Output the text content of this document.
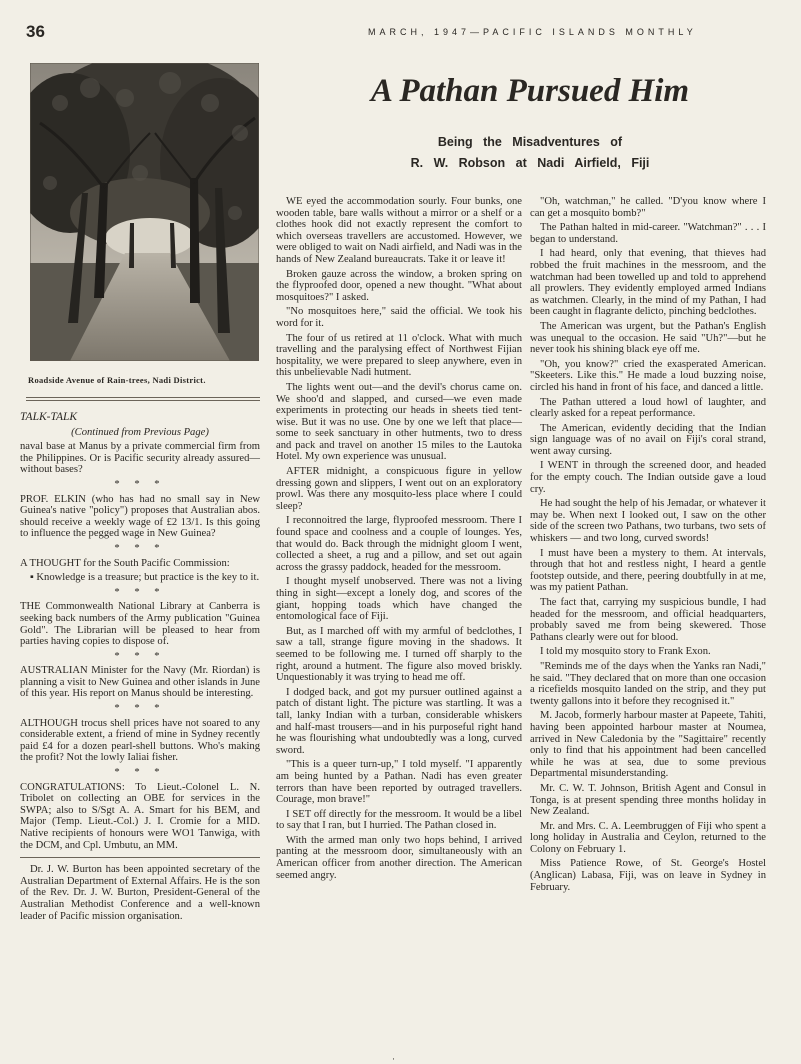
36	MARCH, 1947—PACIFIC ISLANDS MONTHLY
Roadside Avenue of Rain-trees, Nadi District.
A Pathan Pursued Him
Being the Misadventures of
R. W. Robson at Nadi Airfield, Fiji
TALK-TALK
(Continued from Previous Page)

naval base at Manus by a private commercial firm from the Philippines. Or is Pacific security already assured—without bases?

* * *

PROF. ELKIN (who has had no small say in New Guinea's native "policy") proposes that Australian abos. should receive a weekly wage of £2 13/1. Is this going to influence the pegged wage in New Guinea?

* * *

A THOUGHT for the South Pacific Commission:

▪ Knowledge is a treasure; but practice is the key to it.

* * *

THE Commonwealth National Library at Canberra is seeking back numbers of the Army publication "Guinea Gold". The Librarian will be pleased to hear from parties having copies to dispose of.

* * *

AUSTRALIAN Minister for the Navy (Mr. Riordan) is planning a visit to New Guinea and other islands in June of this year. His report on Manus should be interesting.

* * *

ALTHOUGH trocus shell prices have not soared to any considerable extent, a friend of mine in Sydney recently paid £4 for a dozen pearl-shell buttons. Who's making the profit? Not the lowly Ialiai fisher.

* * *

CONGRATULATIONS: To Lieut.-Colonel L. N. Tribolet on collecting an OBE for services in the SWPA; also to S/Sgt A. A. Smart for his BEM, and Major (Temp. Lieut.-Col.) J. I. Cromie for a MID. Native recipients of honours were WO1 Tanwiga, with the DCM, and Cpl. Umbutu, an MM.

Dr. J. W. Burton has been appointed secretary of the Australian Department of External Affairs. He is the son of the Rev. Dr. J. W. Burton, President-General of the Australian Methodist Conference and a well-known leader of Pacific mission organisation.

WE eyed the accommodation sourly. Four bunks, one wooden table, bare walls without a mirror or a shelf or a clothes hook did not exactly represent the comfort to which overseas travellers are accustomed. However, we were obliged to wait on Nadi airfield, and Nadi was in the hands of New Zealand bureaucrats. Take it or leave it!

Broken gauze across the window, a broken spring on the flyproofed door, opened a new thought. "What about mosquitoes?" I asked.

"No mosquitoes here," said the official. We took his word for it.

The four of us retired at 11 o'clock. What with much travelling and the paralysing effect of Northwest Fijian hospitality, we were prepared to sleep anywhere, even in this unbelievable Nadi hutment.

The lights went out—and the devil's chorus came on. We shoo'd and slapped, and cursed—we even made experiments in protecting our heads in sheets tied tent-wise. But it was no use. One by one we left that place—some to seek sanctuary in other hutments, two to dress and pack and travel on another 15 miles to the Lautoka Hotel. My own experience was unusual.

AFTER midnight, a conspicuous figure in yellow dressing gown and slippers, I went out on an exploratory prowl. Was there any mosquito-less place where I could sleep?

I reconnoitred the large, flyproofed messroom. There I found space and coolness and a couple of lounges. Yes, that would do. Back through the midnight gloom I went, collected a sheet, a rug and a pillow, and set out again across the grassy paddock, headed for the messroom.

I thought myself unobserved. There was not a living thing in sight—except a lonely dog, and scores of the giant, hopping toads which have changed the entomological face of Fiji.

But, as I marched off with my armful of bedclothes, I saw a tall, strange figure moving in the shadows. It seemed to be following me. I turned off sharply to the right, around a hutment. The figure also moved briskly. Unquestionably it was trying to head me off.

I dodged back, and got my pursuer outlined against a patch of distant light. The picture was startling. It was a tall, lanky Indian with a turban, considerable whiskers and half-mast trousers—and in his purposeful right hand he was flourishing what undoubtedly was a long, curved sword.

"This is a queer turn-up," I told myself. "I apparently am being hunted by a Pathan. Nadi has even greater terrors than have been reported by outraged travellers. Courage, mon brave!"

I SET off directly for the messroom. It would be a libel to say that I ran, but I hurried. The Pathan closed in.

With the armed man only two hops behind, I arrived panting at the messroom door, simultaneously with an American officer from another direction. The American seemed angry.

"Oh, watchman," he called. "D'you know where I can get a mosquito bomb?"

The Pathan halted in mid-career. "Watchman?" . . . I began to understand.

I had heard, only that evening, that thieves had robbed the fruit machines in the messroom, and the watchman had been towelled up and told to apprehend all prowlers. They evidently employed armed Indians as watchmen. Clearly, in the mind of my Pathan, I had been caught in flagrante delicto, pinching bedclothes.

The American was urgent, but the Pathan's English was unequal to the occasion. He said "Uh?"—but he never took his shining black eye off me.

"Oh, you know?" cried the exasperated American. "Skeeters. Like this." He made a loud buzzing noise, circled his hand in front of his face, and danced a little.

The Pathan uttered a loud howl of laughter, and clearly asked for a repeat performance.

The American, evidently deciding that the Indian sign language was of no avail on Fiji's coral strand, went away cursing.

I WENT in through the screened door, and headed for the empty couch. The Indian outside gave a loud cry.

He had sought the help of his Jemadar, or whatever it may be. When next I looked out, I saw on the other side of the screen two Pathans, two turbans, two sets of whiskers — and two long, curved swords!

I must have been a mystery to them. At intervals, through that hot and restless night, I heard a gentle footstep outside, and there, peering doubtfully in at me, was my patient Pathan.

The fact that, carrying my suspicious bundle, I had headed for the messroom, and official headquarters, probably saved me from being skewered. Those Pathans clearly were out for blood.

I told my mosquito story to Frank Exon.

"Reminds me of the days when the Yanks ran Nadi," he said. "They declared that on more than one occasion a ricefields mosquito landed on the strip, and they put twenty gallons into it before they recognised it."

M. Jacob, formerly harbour master at Papeete, Tahiti, having been appointed harbour master at Noumea, arrived in New Caledonia by the "Sagittaire" recently only to find that his appointment had been cancelled while he was at sea, due to some previous Departmental misunderstanding.

Mr. C. W. T. Johnson, British Agent and Consul in Tonga, is at present spending three months holiday in New Zealand.

Mr. and Mrs. C. A. Leembruggen of Fiji who spent a long holiday in Australia and Ceylon, returned to the Colony on February 1.

Miss Patience Rowe, of St. George's Hostel (Anglican) Labasa, Fiji, was on leave in Sydney in February.

·
